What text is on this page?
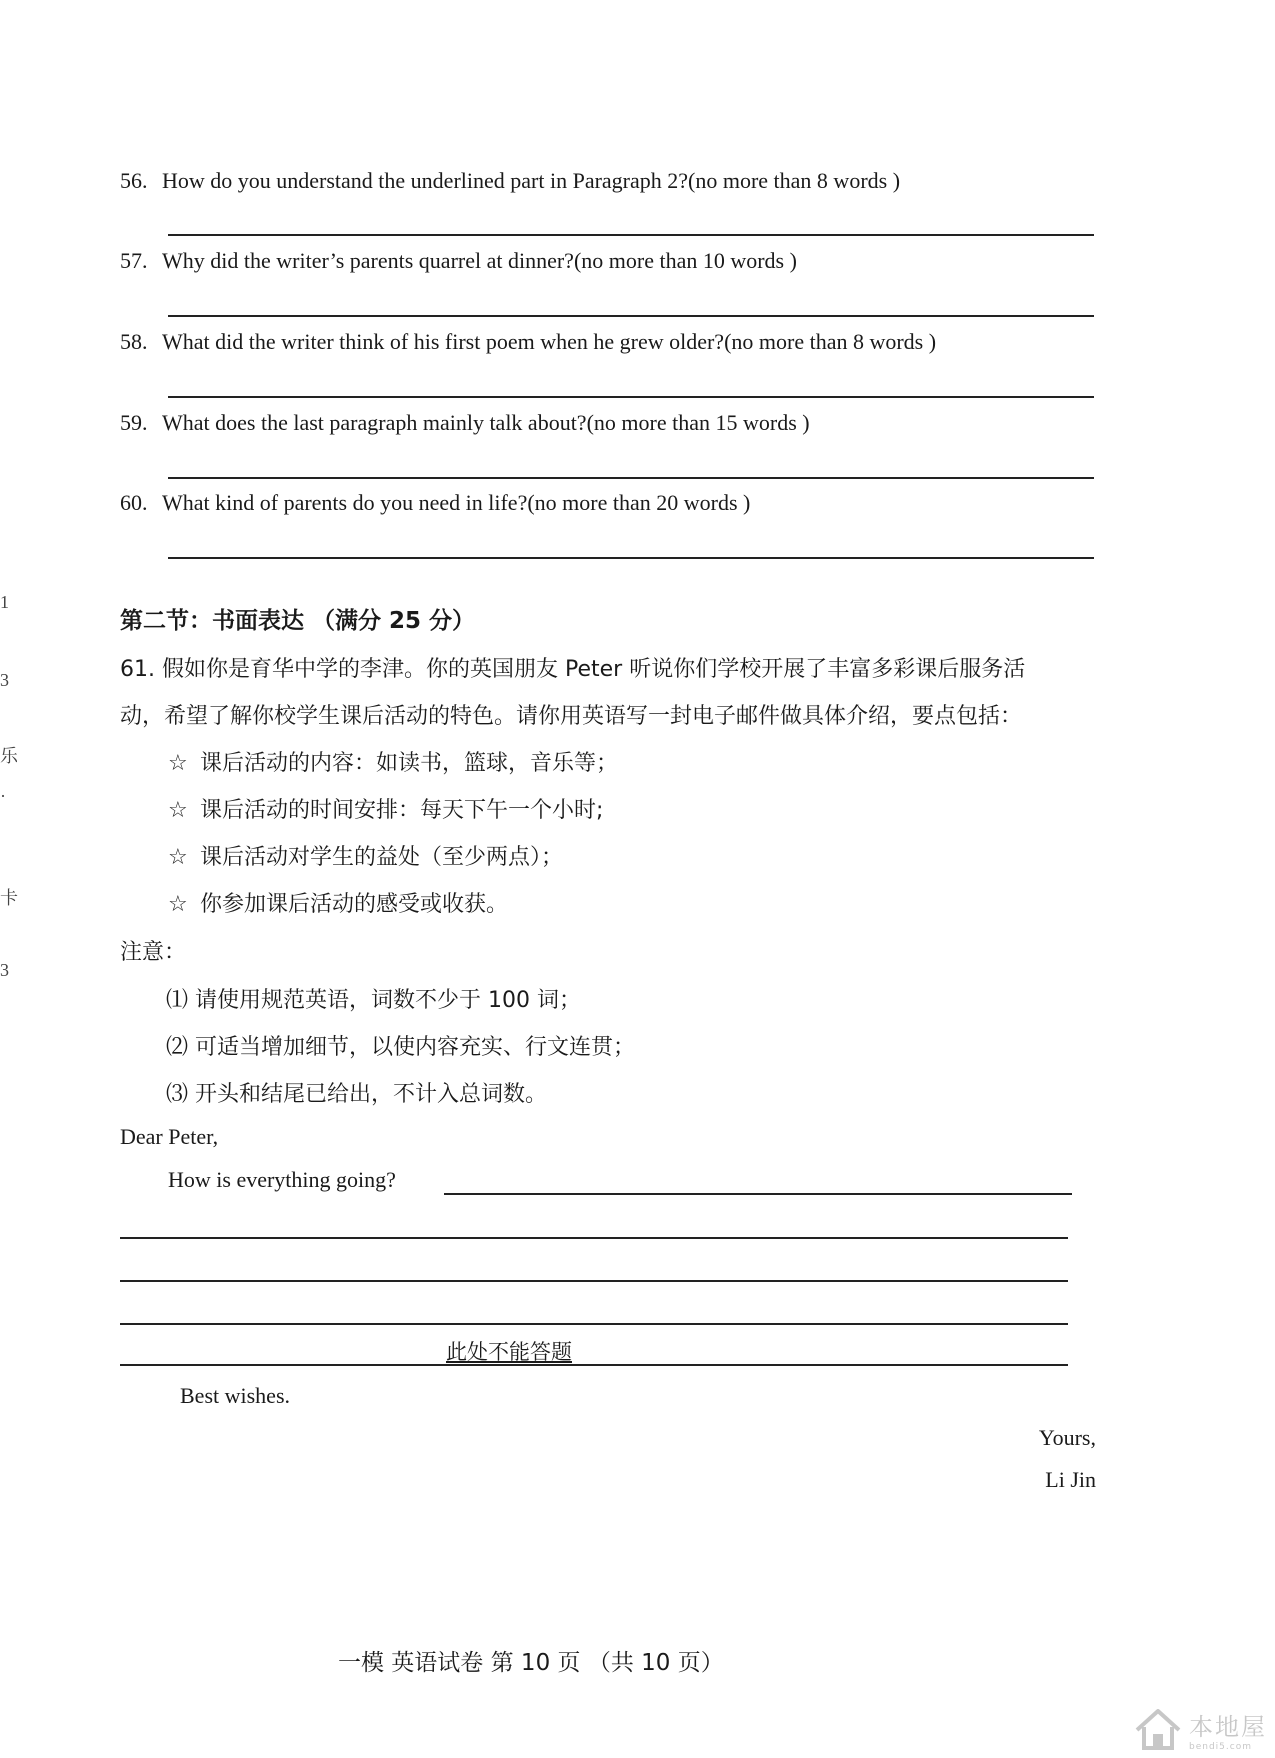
1
3
乐
·
卡
3
56. How do you understand the underlined part in Paragraph 2?(no more than 8 words )
57. Why did the writer’s parents quarrel at dinner?(no more than 10 words )
58. What did the writer think of his first poem when he grew older?(no more than 8 words )
59. What does the last paragraph mainly talk about?(no more than 15 words )
60. What kind of parents do you need in life?(no more than 20 words )
第二节：书面表达 （满分 25 分）
61. 假如你是育华中学的李津。你的英国朋友 Peter 听说你们学校开展了丰富多彩课后服务活
动，希望了解你校学生课后活动的特色。请你用英语写一封电子邮件做具体介绍，要点包括：
☆ 课后活动的内容：如读书，篮球，音乐等；
☆ 课后活动的时间安排：每天下午一个小时;
☆ 课后活动对学生的益处（至少两点）；
☆ 你参加课后活动的感受或收获。
注意：
⑴ 请使用规范英语，词数不少于 100 词；
⑵ 可适当增加细节，以使内容充实、行文连贯；
⑶ 开头和结尾已给出，不计入总词数。
Dear Peter,
How is everything going?
此处不能答题
Best wishes.
Yours,
Li Jin
一模 英语试卷 第 10 页 （共 10 页）
本地屋
bendi5.com
